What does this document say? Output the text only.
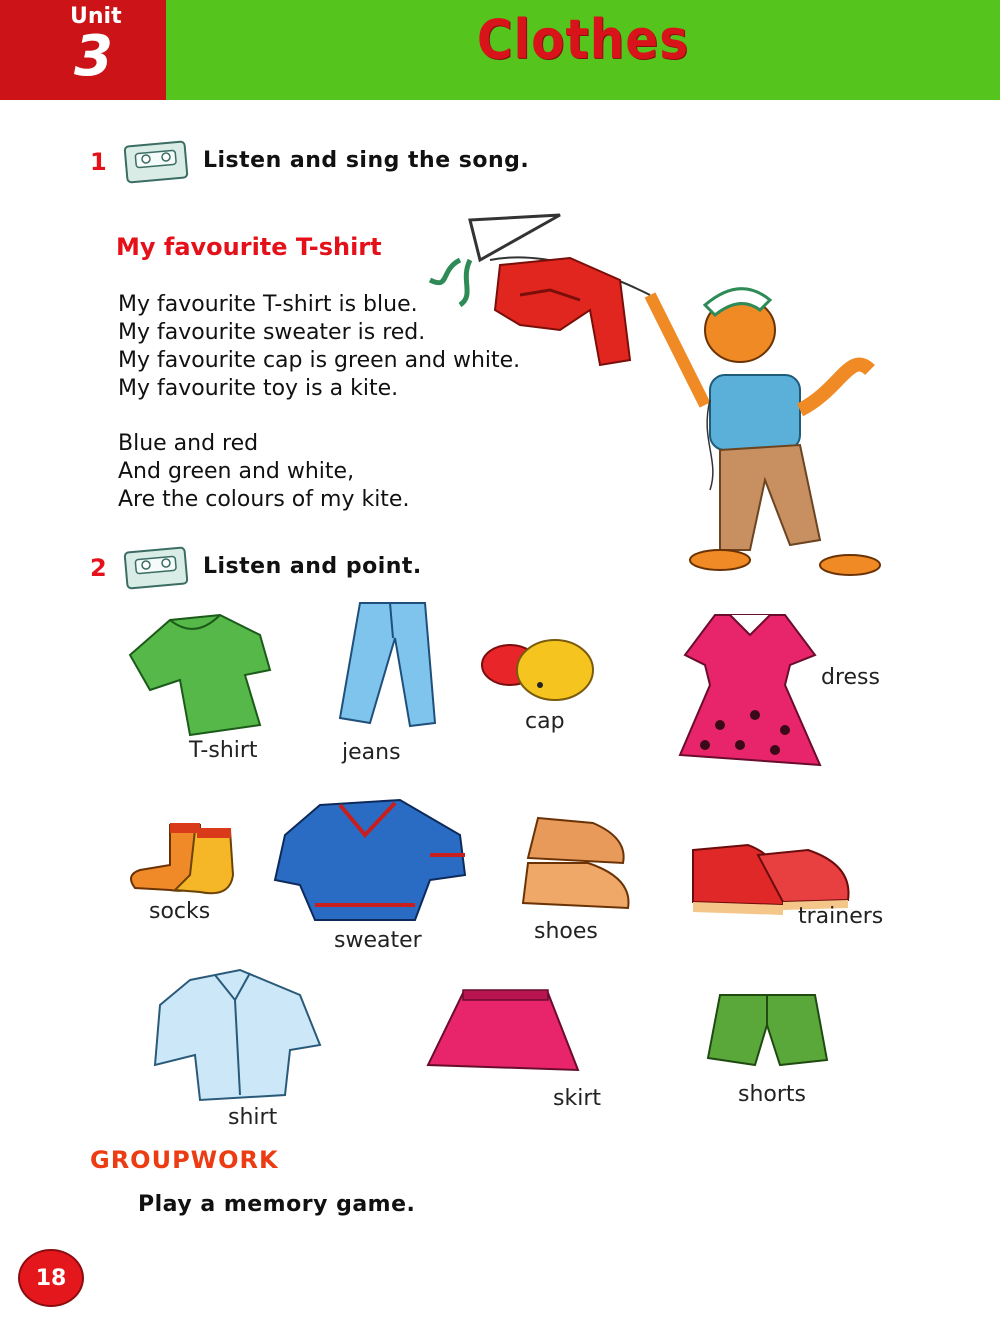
Unit
3	Clothes
1	Listen and sing the song.
My favourite T-shirt
My favourite T-shirt is blue.
My favourite sweater is red.
My favourite cap is green and white.
My favourite toy is a kite.
Blue and red
And green and white,
Are the colours of my kite.
2	Listen and point.
T-shirt	jeans
cap
dress
socks
sweater	shoes
trainers
shirt
skirt	shorts
GROUPWORK
Play a memory game.
18
